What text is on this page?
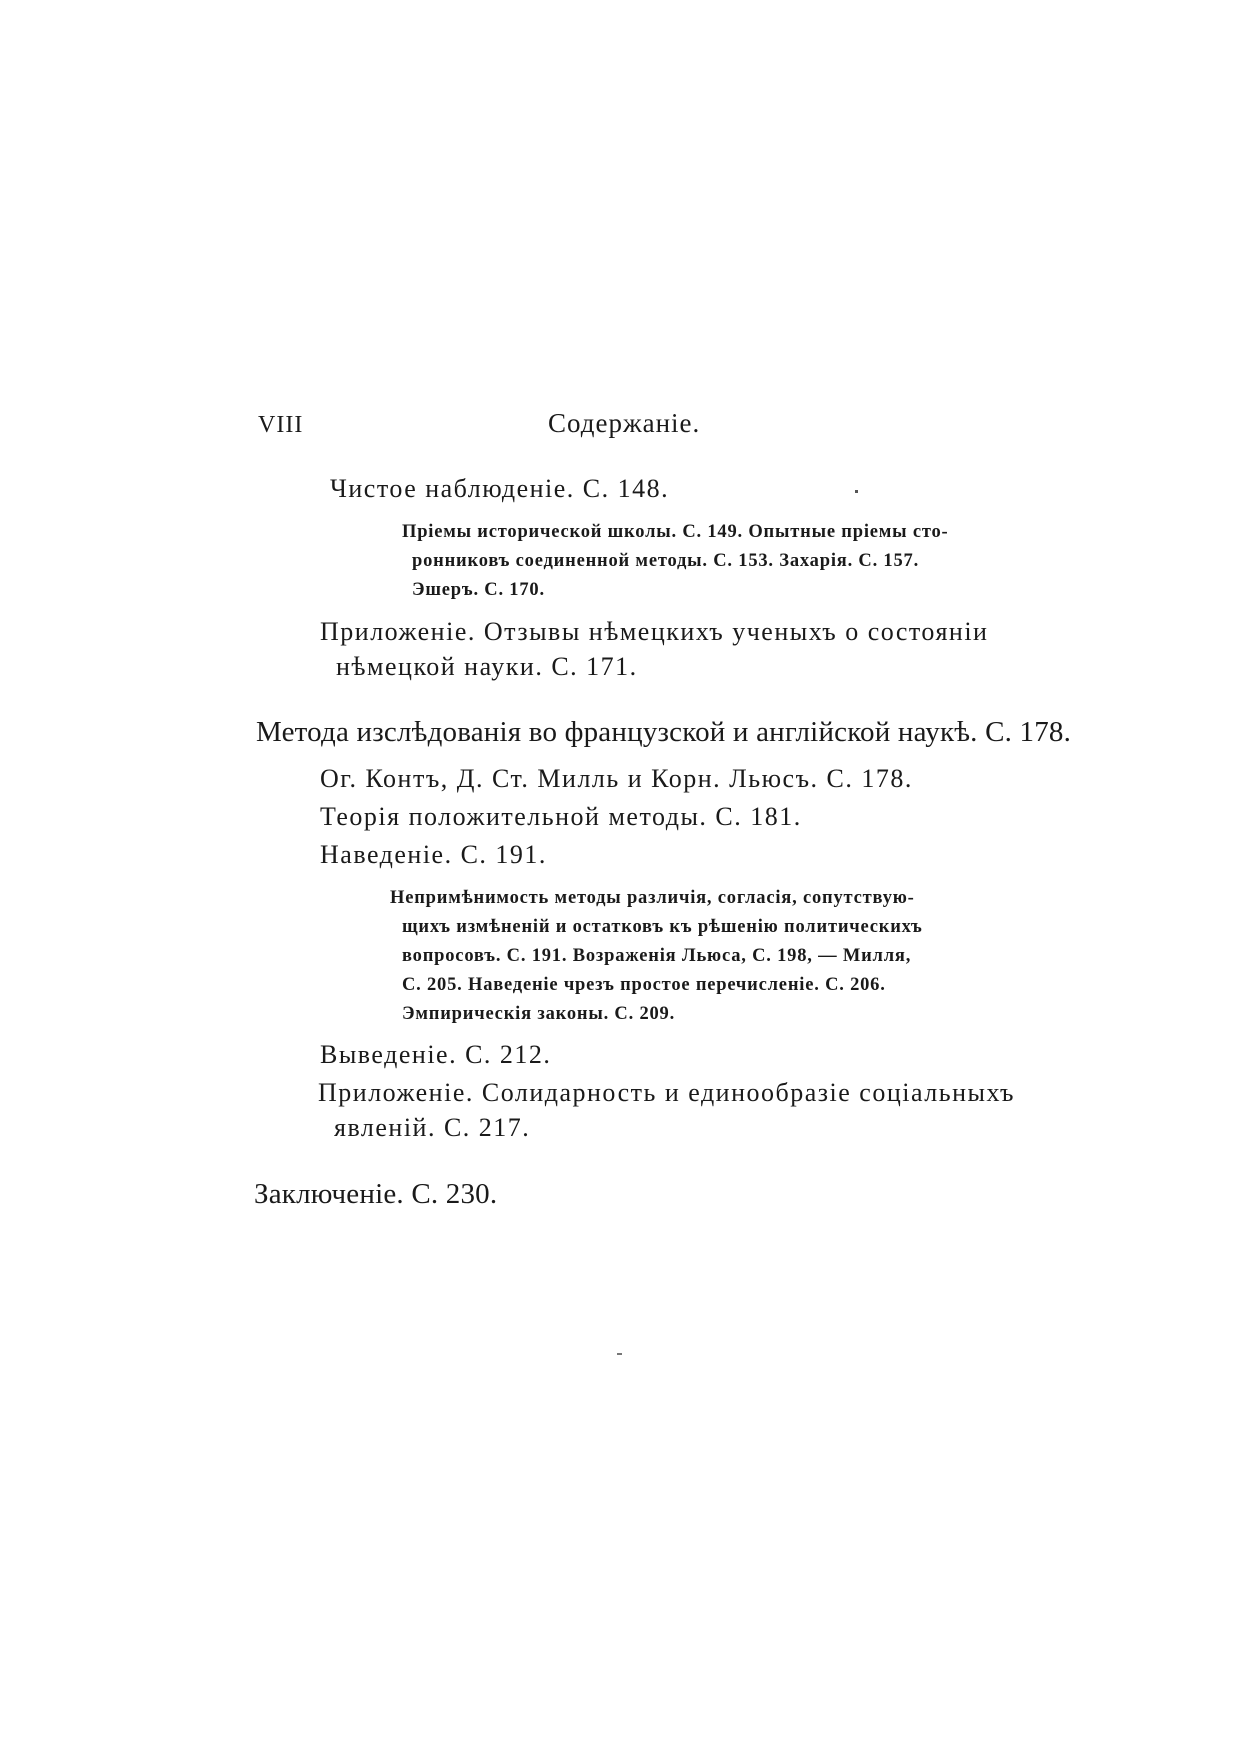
VIII	Содержаніе.
Чистое наблюденіе. С. 148.
Пріемы исторической школы. С. 149. Опытные пріемы сто-
ронниковъ соединенной методы. С. 153. Захарія. С. 157.
Эшеръ. С. 170.
Приложеніе. Отзывы нѣмецкихъ ученыхъ о состояніи
нѣмецкой науки. С. 171.
Метода изслѣдованія во французской и англійской наукѣ. С. 178.
Ог. Контъ, Д. Ст. Милль и Корн. Льюсъ. С. 178.
Теорія положительной методы. С. 181.
Наведеніе. С. 191.
Непримѣнимость методы различія, согласія, сопутствую-
щихъ измѣненій и остатковъ къ рѣшенію политическихъ
вопросовъ. С. 191. Возраженія Льюса, С. 198, — Милля,
С. 205. Наведеніе чрезъ простое перечисленіе. С. 206.
Эмпирическія законы. С. 209.
Выведеніе. С. 212.
Приложеніе. Солидарность и единообразіе соціальныхъ
явленій. С. 217.
Заключеніе. С. 230.
